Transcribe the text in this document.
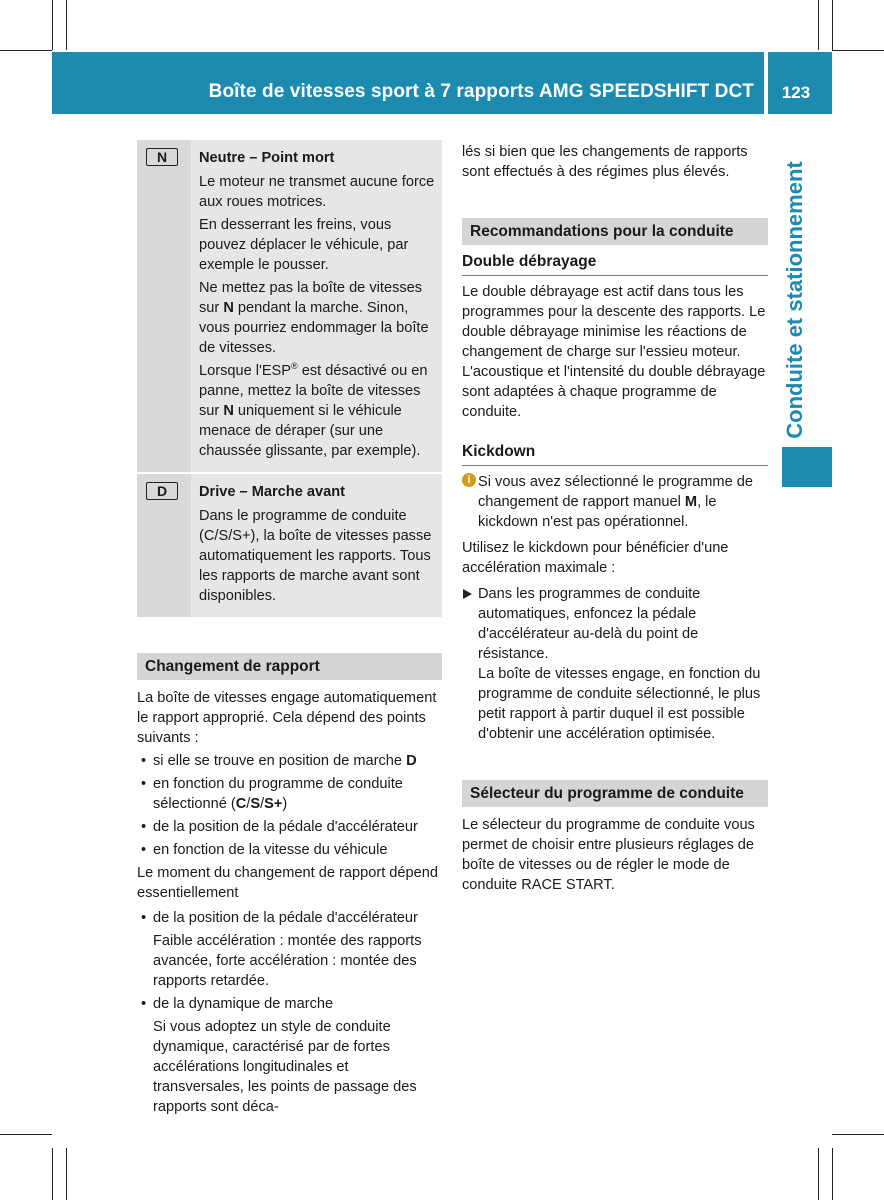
Boîte de vitesses sport à 7 rapports AMG SPEEDSHIFT DCT	123
Conduite et stationnement
N	Neutre – Point mort

Le moteur ne transmet aucune force aux roues motrices.

En desserrant les freins, vous pouvez déplacer le véhicule, par exemple le pousser.

Ne mettez pas la boîte de vitesses sur N pendant la marche. Sinon, vous pourriez endommager la boîte de vitesses.

Lorsque l'ESP® est désactivé ou en panne, mettez la boîte de vitesses sur N uniquement si le véhicule menace de déraper (sur une chaussée glissante, par exemple).

D	Drive – Marche avant

Dans le programme de conduite (C/S/S+), la boîte de vitesses passe automatiquement les rapports. Tous les rapports de marche avant sont disponibles.

Changement de rapport

La boîte de vitesses engage automatiquement le rapport approprié. Cela dépend des points suivants :

• si elle se trouve en position de marche D
• en fonction du programme de conduite sélectionné (C/S/S+)
• de la position de la pédale d'accélérateur
• en fonction de la vitesse du véhicule

Le moment du changement de rapport dépend essentiellement

• de la position de la pédale d'accélérateur
Faible accélération : montée des rapports avancée, forte accélération : montée des rapports retardée.
• de la dynamique de marche
Si vous adoptez un style de conduite dynamique, caractérisé par de fortes accélérations longitudinales et transversales, les points de passage des rapports sont déca-

lés si bien que les changements de rapports sont effectués à des régimes plus élevés.

Recommandations pour la conduite
Double débrayage

Le double débrayage est actif dans tous les programmes pour la descente des rapports. Le double débrayage minimise les réactions de changement de charge sur l'essieu moteur. L'acoustique et l'intensité du double débrayage sont adaptées à chaque programme de conduite.

Kickdown
i Si vous avez sélectionné le programme de changement de rapport manuel M, le kickdown n'est pas opérationnel.

Utilisez le kickdown pour bénéficier d'une accélération maximale :

Dans les programmes de conduite automatiques, enfoncez la pédale d'accélérateur au-delà du point de résistance.
La boîte de vitesses engage, en fonction du programme de conduite sélectionné, le plus petit rapport à partir duquel il est possible d'obtenir une accélération optimisée.
Sélecteur du programme de conduite

Le sélecteur du programme de conduite vous permet de choisir entre plusieurs réglages de boîte de vitesses ou de régler le mode de conduite RACE START.
